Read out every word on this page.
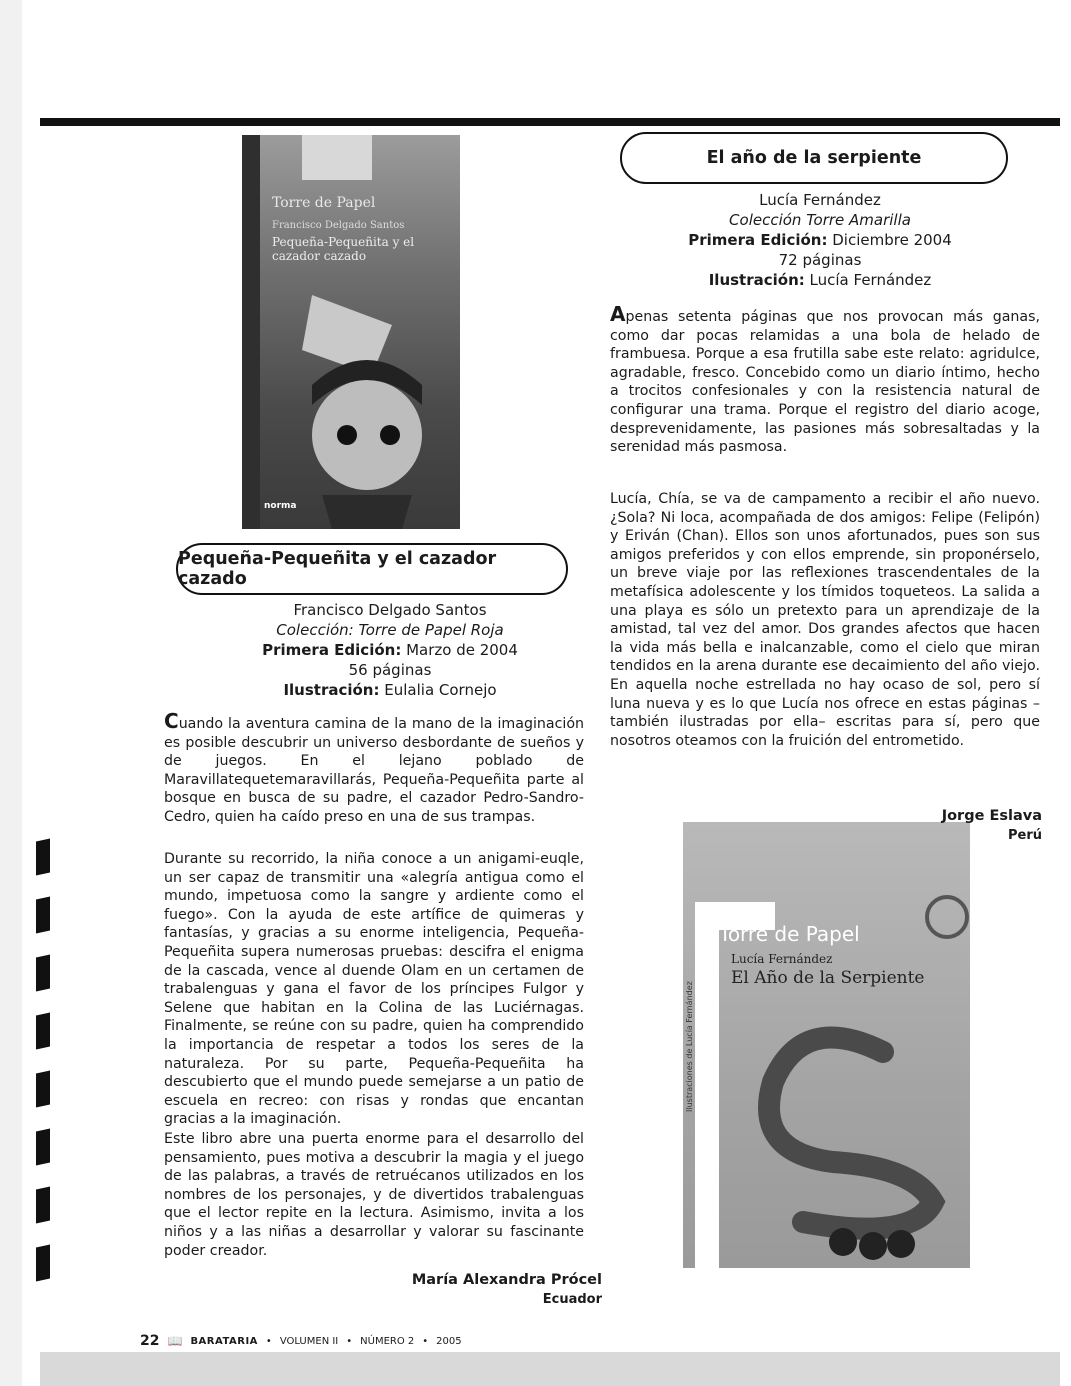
Torre de Papel
Francisco Delgado Santos
Pequeña-Pequeñita y el cazador cazado
norma
Torre de Papel
Lucía Fernández
El Año de la Serpiente
Ilustraciones de Lucía Fernández
El año de la serpiente
Lucía Fernández
Colección Torre Amarilla
Primera Edición: Diciembre 2004
72 páginas
Ilustración: Lucía Fernández
Apenas setenta páginas que nos provocan más ganas, como dar pocas relamidas a una bola de helado de frambuesa. Porque a esa frutilla sabe este relato: agridulce, agradable, fresco. Concebido como un diario íntimo, hecho a trocitos confesionales y con la resistencia natural de configurar una trama. Porque el registro del diario acoge, desprevenidamente, las pasiones más sobresaltadas y la serenidad más pasmosa.
Lucía, Chía, se va de campamento a recibir el año nuevo. ¿Sola? Ni loca, acompañada de dos amigos: Felipe (Felipón) y Eriván (Chan). Ellos son unos afortunados, pues son sus amigos preferidos y con ellos emprende, sin proponérselo, un breve viaje por las reflexiones trascendentales de la metafísica adolescente y los tímidos toqueteos. La salida a una playa es sólo un pretexto para un aprendizaje de la amistad, tal vez del amor. Dos grandes afectos que hacen la vida más bella e inalcanzable, como el cielo que miran tendidos en la arena durante ese decaimiento del año viejo. En aquella noche estrellada no hay ocaso de sol, pero sí luna nueva y es lo que Lucía nos ofrece en estas páginas –también ilustradas por ella– escritas para sí, pero que nosotros oteamos con la fruición del entrometido.
Jorge Eslava
Perú
Pequeña-Pequeñita y el cazador cazado
Francisco Delgado Santos
Colección: Torre de Papel Roja
Primera Edición: Marzo de 2004
56 páginas
Ilustración: Eulalia Cornejo
Cuando la aventura camina de la mano de la imaginación es posible descubrir un universo desbordante de sueños y de juegos. En el lejano poblado de Maravillatequetemaravillarás, Pequeña-Pequeñita parte al bosque en busca de su padre, el cazador Pedro-Sandro-Cedro, quien ha caído preso en una de sus trampas.
Durante su recorrido, la niña conoce a un anigami-euqle, un ser capaz de transmitir una «alegría antigua como el mundo, impetuosa como la sangre y ardiente como el fuego». Con la ayuda de este artífice de quimeras y fantasías, y gracias a su enorme inteligencia, Pequeña-Pequeñita supera numerosas pruebas: descifra el enigma de la cascada, vence al duende Olam en un certamen de trabalenguas y gana el favor de los príncipes Fulgor y Selene que habitan en la Colina de las Luciérnagas. Finalmente, se reúne con su padre, quien ha comprendido la importancia de respetar a todos los seres de la naturaleza. Por su parte, Pequeña-Pequeñita ha descubierto que el mundo puede semejarse a un patio de escuela en recreo: con risas y rondas que encantan gracias a la imaginación.
Este libro abre una puerta enorme para el desarrollo del pensamiento, pues motiva a descubrir la magia y el juego de las palabras, a través de retruécanos utilizados en los nombres de los personajes, y de divertidos trabalenguas que el lector repite en la lectura. Asimismo, invita a los niños y a las niñas a desarrollar y valorar su fascinante poder creador.
María Alexandra Prócel
Ecuador
22 📖 BARATARIA • VOLUMEN II • NÚMERO 2 • 2005
